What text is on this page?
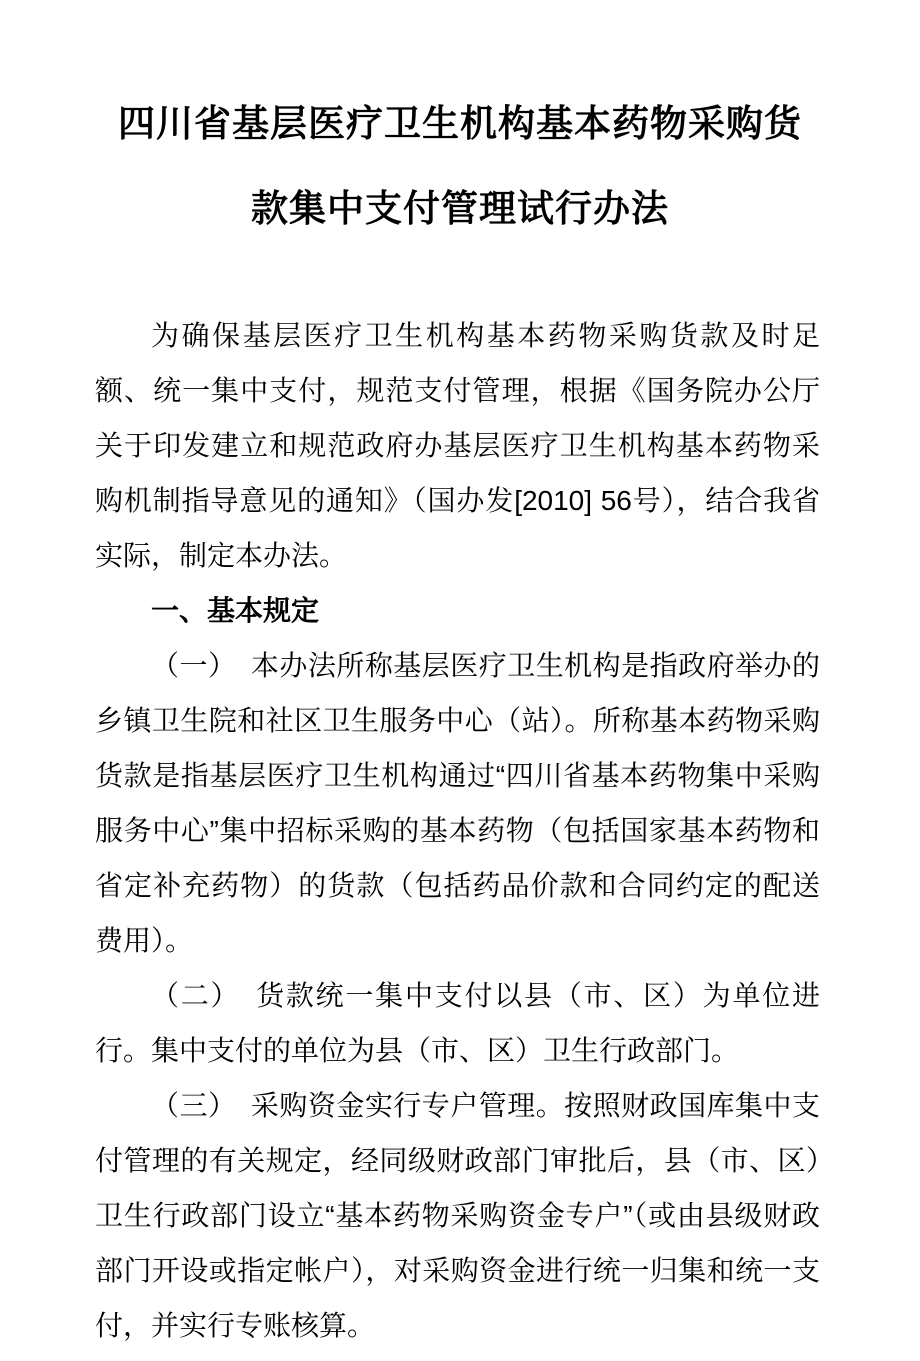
四川省基层医疗卫生机构基本药物采购货
款集中支付管理试行办法

为确保基层医疗卫生机构基本药物采购货款及时足额、统一集中支付，规范支付管理，根据《国务院办公厅关于印发建立和规范政府办基层医疗卫生机构基本药物采购机制指导意见的通知》（国办发[2010] 56号），结合我省实际，制定本办法。

一、基本规定

（一）　本办法所称基层医疗卫生机构是指政府举办的乡镇卫生院和社区卫生服务中心（站）。所称基本药物采购货款是指基层医疗卫生机构通过“四川省基本药物集中采购服务中心”集中招标采购的基本药物（包括国家基本药物和省定补充药物）的货款（包括药品价款和合同约定的配送费用）。

（二）　货款统一集中支付以县（市、区）为单位进行。集中支付的单位为县（市、区）卫生行政部门。

（三）　采购资金实行专户管理。按照财政国库集中支付管理的有关规定，经同级财政部门审批后，县（市、区）卫生行政部门设立“基本药物采购资金专户”（或由县级财政部门开设或指定帐户），对采购资金进行统一归集和统一支付，并实行专账核算。
